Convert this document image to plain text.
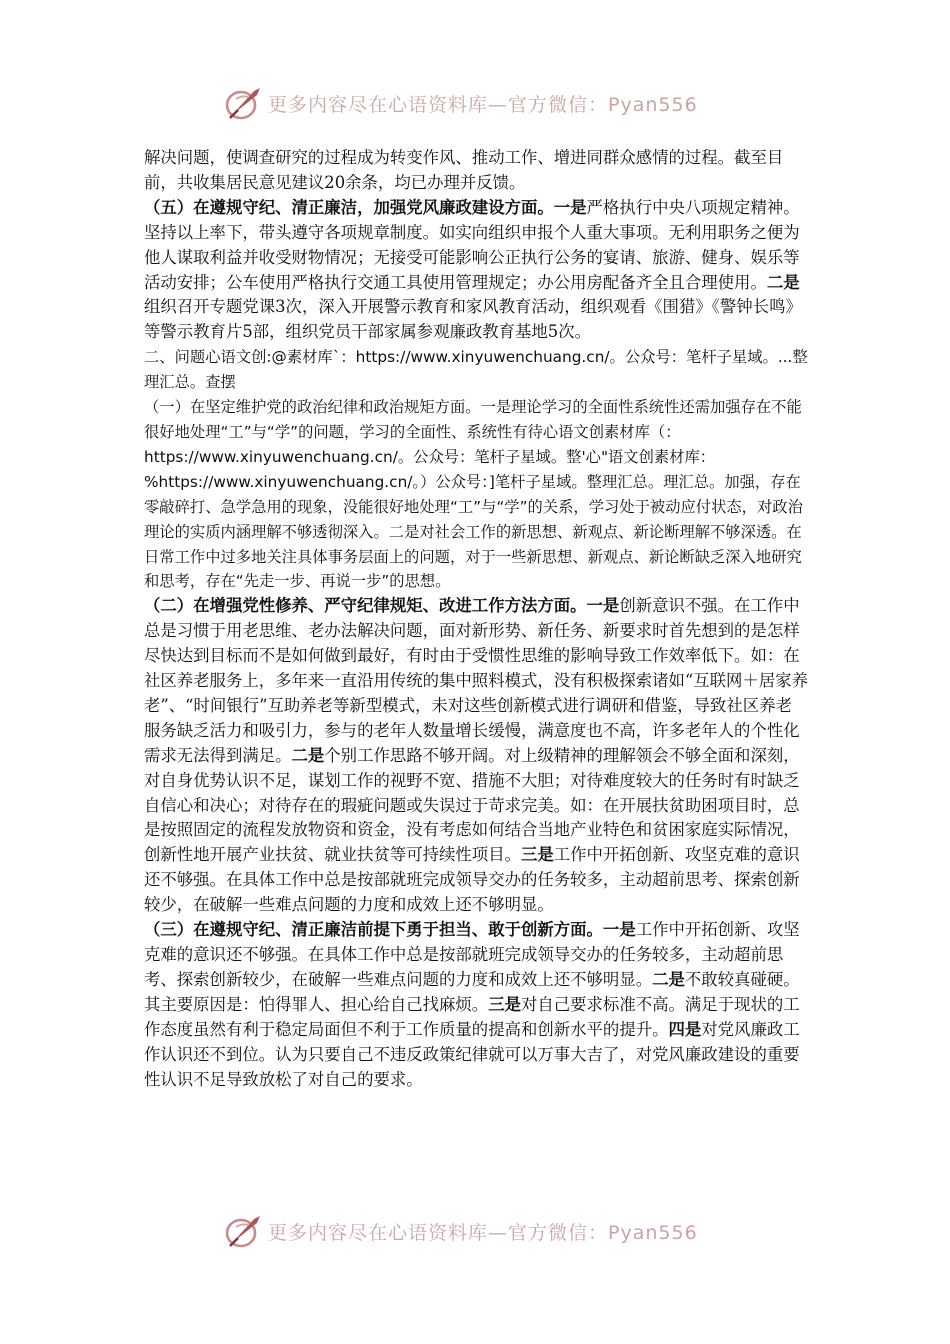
更多内容尽在心语资料库—官方微信：Pyan556

解决问题，使调查研究的过程成为转变作风、推动工作、增进同群众感情的过程。截至目前，共收集居民意见建议20余条，均已办理并反馈。

（五）在遵规守纪、清正廉洁，加强党风廉政建设方面。一是严格执行中央八项规定精神。坚持以上率下，带头遵守各项规章制度。如实向组织申报个人重大事项。无利用职务之便为他人谋取利益并收受财物情况；无接受可能影响公正执行公务的宴请、旅游、健身、娱乐等活动安排；公车使用严格执行交通工具使用管理规定；办公用房配备齐全且合理使用。二是组织召开专题党课3次，深入开展警示教育和家风教育活动，组织观看《围猎》《警钟长鸣》等警示教育片5部，组织党员干部家属参观廉政教育基地5次。

二、问题心语文创:@素材库`：https://www.xinyuwenchuang.cn/。公众号：笔杆子星域。...整理汇总。查摆

（一）在坚定维护党的政治纪律和政治规矩方面。一是理论学习的全面性系统性还需加强存在不能很好地处理“工”与“学”的问题，学习的全面性、系统性有待心语文创素材库（：https://www.xinyuwenchuang.cn/。公众号：笔杆子星域。整'心"语文创素材库：%https://www.xinyuwenchuang.cn/。）公众号：]笔杆子星域。整理汇总。理汇总。加强，存在零敲碎打、急学急用的现象，没能很好地处理“工”与“学”的关系，学习处于被动应付状态，对政治理论的实质内涵理解不够透彻深入。二是对社会工作的新思想、新观点、新论断理解不够深透。在日常工作中过多地关注具体事务层面上的问题，对于一些新思想、新观点、新论断缺乏深入地研究和思考，存在“先走一步、再说一步”的思想。

（二）在增强党性修养、严守纪律规矩、改进工作方法方面。一是创新意识不强。在工作中总是习惯于用老思维、老办法解决问题，面对新形势、新任务、新要求时首先想到的是怎样尽快达到目标而不是如何做到最好，有时由于受惯性思维的影响导致工作效率低下。如：在社区养老服务上，多年来一直沿用传统的集中照料模式，没有积极探索诸如“互联网＋居家养老”、“时间银行”互助养老等新型模式，未对这些创新模式进行调研和借鉴，导致社区养老服务缺乏活力和吸引力，参与的老年人数量增长缓慢，满意度也不高，许多老年人的个性化需求无法得到满足。二是个别工作思路不够开阔。对上级精神的理解领会不够全面和深刻，对自身优势认识不足，谋划工作的视野不宽、措施不大胆；对待难度较大的任务时有时缺乏自信心和决心；对待存在的瑕疵问题或失误过于苛求完美。如：在开展扶贫助困项目时，总是按照固定的流程发放物资和资金，没有考虑如何结合当地产业特色和贫困家庭实际情况，创新性地开展产业扶贫、就业扶贫等可持续性项目。三是工作中开拓创新、攻坚克难的意识还不够强。在具体工作中总是按部就班完成领导交办的任务较多，主动超前思考、探索创新较少，在破解一些难点问题的力度和成效上还不够明显。

（三）在遵规守纪、清正廉洁前提下勇于担当、敢于创新方面。一是工作中开拓创新、攻坚克难的意识还不够强。在具体工作中总是按部就班完成领导交办的任务较多，主动超前思考、探索创新较少，在破解一些难点问题的力度和成效上还不够明显。二是不敢较真碰硬。其主要原因是：怕得罪人、担心给自己找麻烦。三是对自己要求标准不高。满足于现状的工作态度虽然有利于稳定局面但不利于工作质量的提高和创新水平的提升。四是对党风廉政工作认识还不到位。认为只要自己不违反政策纪律就可以万事大吉了，对党风廉政建设的重要性认识不足导致放松了对自己的要求。

更多内容尽在心语资料库—官方微信：Pyan556
